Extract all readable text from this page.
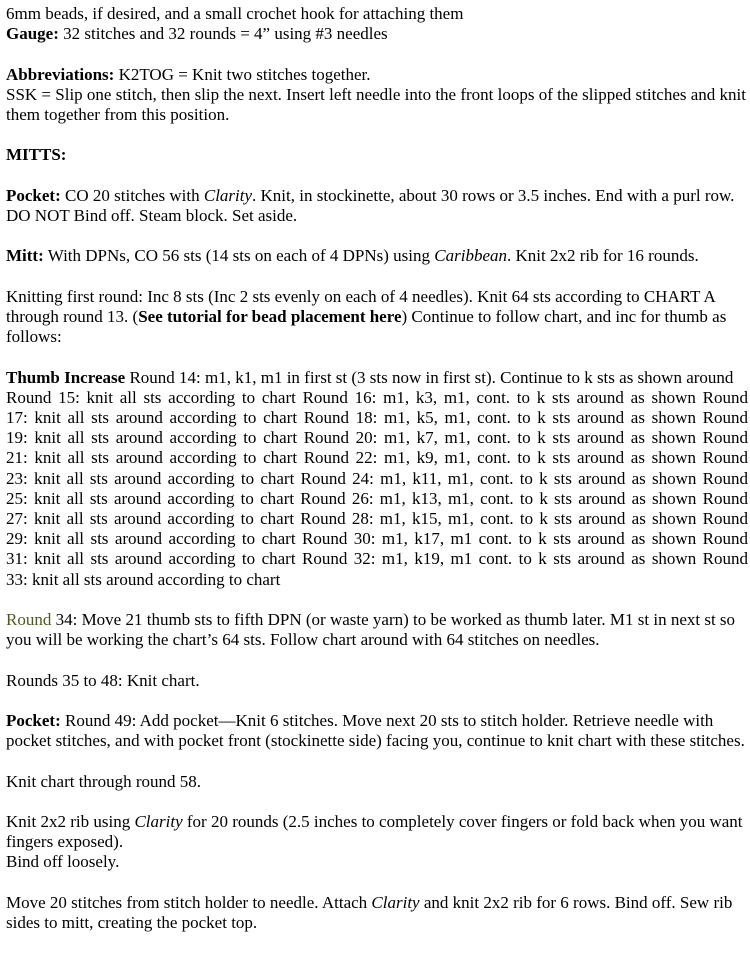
6mm beads, if desired, and a small crochet hook for attaching them
Gauge: 32 stitches and 32 rounds = 4” using #3 needles
Abbreviations: K2TOG = Knit two stitches together.
SSK = Slip one stitch, then slip the next. Insert left needle into the front loops of the slipped stitches and knit them together from this position.
MITTS:
Pocket: CO 20 stitches with Clarity. Knit, in stockinette, about 30 rows or 3.5 inches. End with a purl row. DO NOT Bind off. Steam block. Set aside.
Mitt: With DPNs, CO 56 sts (14 sts on each of 4 DPNs) using Caribbean. Knit 2x2 rib for 16 rounds.
Knitting first round: Inc 8 sts (Inc 2 sts evenly on each of 4 needles). Knit 64 sts according to CHART A through round 13. (See tutorial for bead placement here) Continue to follow chart, and inc for thumb as follows:
Thumb Increase Round 14: m1, k1, m1 in first st (3 sts now in first st). Continue to k sts as shown around
Round 15: knit all sts according to chart Round 16: m1, k3, m1, cont. to k sts around as shown Round
17: knit all sts around according to chart Round 18: m1, k5, m1, cont. to k sts around as shown Round
19: knit all sts around according to chart Round 20: m1, k7, m1, cont. to k sts around as shown Round
21: knit all sts around according to chart Round 22: m1, k9, m1, cont. to k sts around as shown Round
23: knit all sts around according to chart Round 24: m1, k11, m1, cont. to k sts around as shown Round
25: knit all sts around according to chart Round 26: m1, k13, m1, cont. to k sts around as shown Round
27: knit all sts around according to chart Round 28: m1, k15, m1, cont. to k sts around as shown Round
29: knit all sts around according to chart Round 30: m1, k17, m1 cont. to k sts around as shown Round
31: knit all sts around according to chart Round 32: m1, k19, m1 cont. to k sts around as shown Round
33: knit all sts around according to chart
Round 34: Move 21 thumb sts to fifth DPN (or waste yarn) to be worked as thumb later. M1 st in next st so you will be working the chart’s 64 sts. Follow chart around with 64 stitches on needles.
Rounds 35 to 48: Knit chart.
Pocket: Round 49: Add pocket—Knit 6 stitches. Move next 20 sts to stitch holder. Retrieve needle with pocket stitches, and with pocket front (stockinette side) facing you, continue to knit chart with these stitches.
Knit chart through round 58.
Knit 2x2 rib using Clarity for 20 rounds (2.5 inches to completely cover fingers or fold back when you want fingers exposed).
Bind off loosely.
Move 20 stitches from stitch holder to needle. Attach Clarity and knit 2x2 rib for 6 rows. Bind off. Sew rib sides to mitt, creating the pocket top.
